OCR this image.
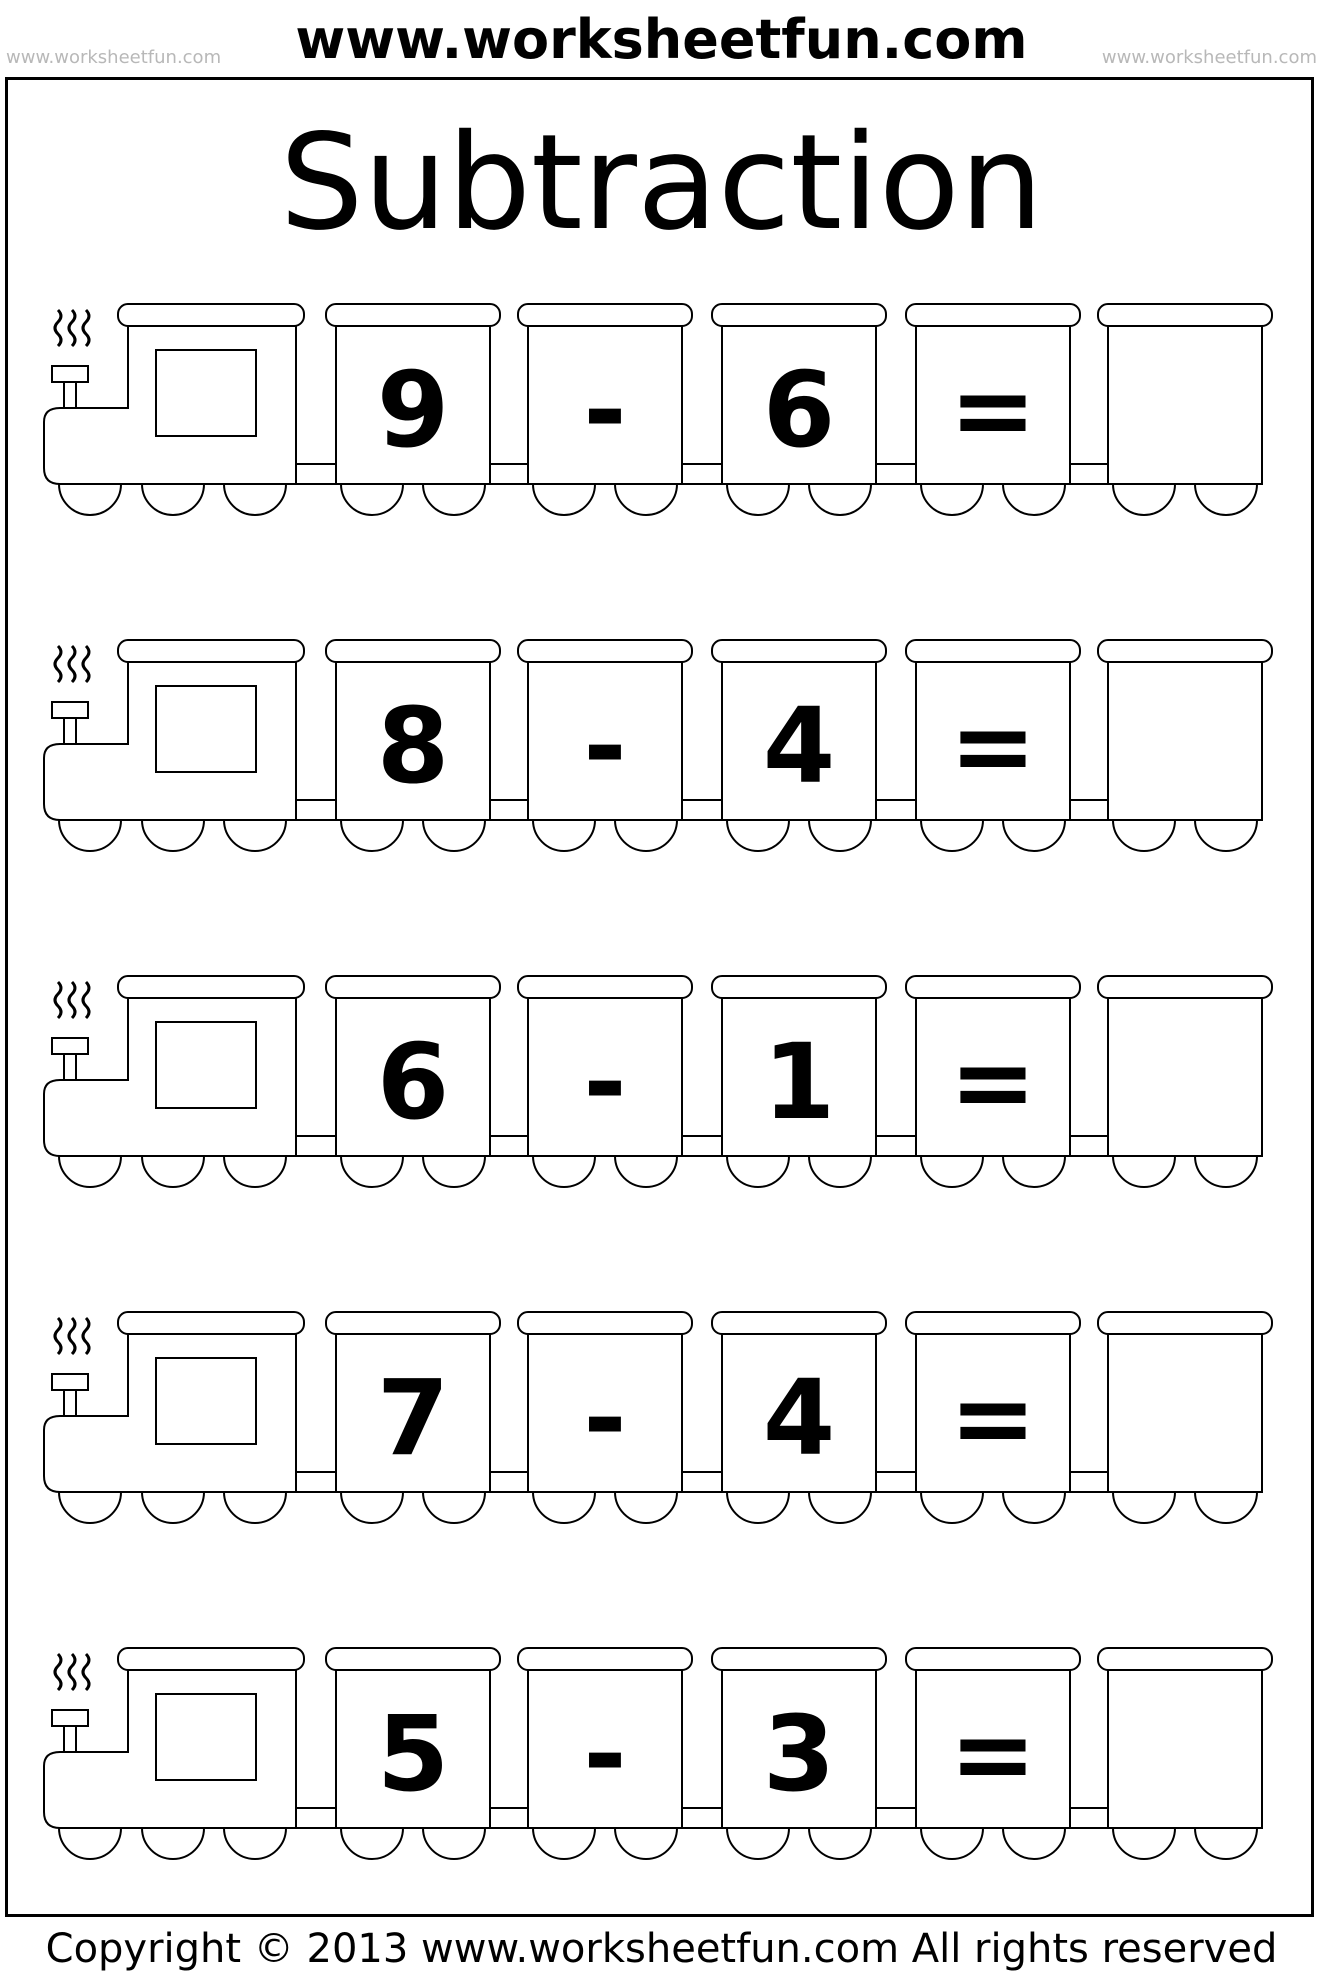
www.worksheetfun.com	www.worksheetfun.com	www.worksheetfun.com
Subtraction
9	-	6	=
8	-	4	=
6	-	1	=
7	-	4	=
5	-	3	=
Copyright © 2013 www.worksheetfun.com All rights reserved
